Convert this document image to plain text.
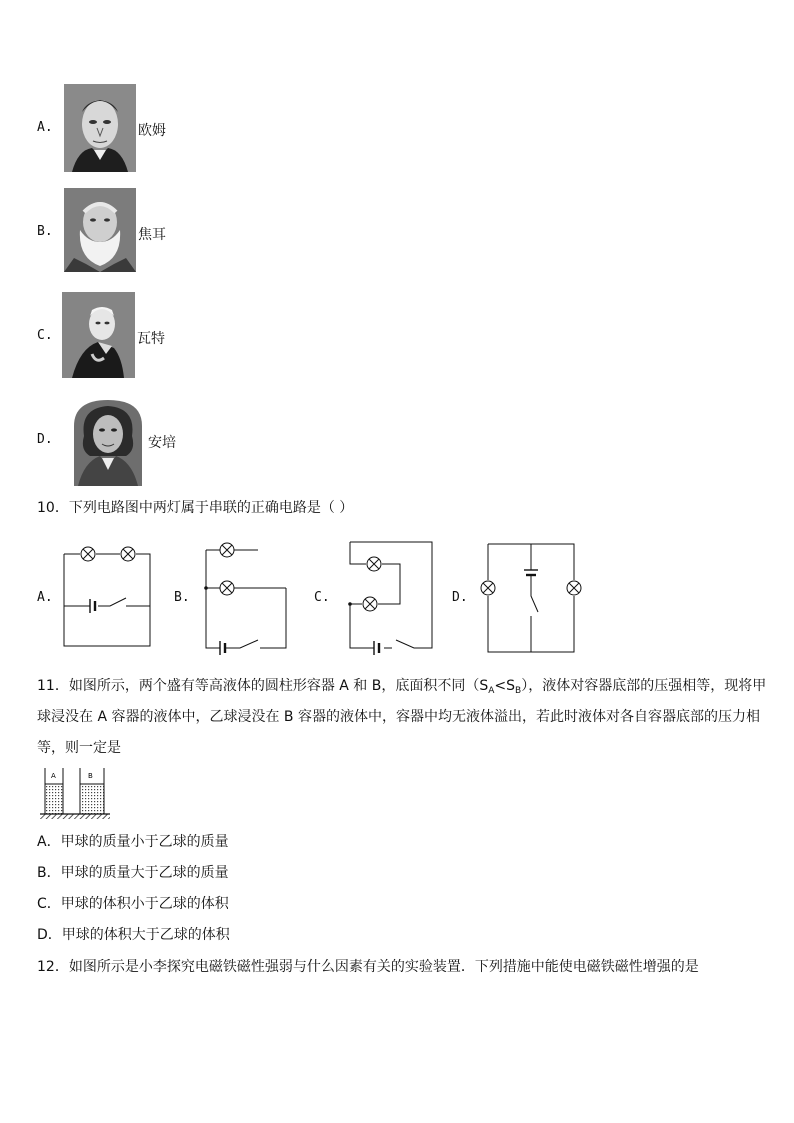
A.	欧姆
B.	焦耳
C.	瓦特
D.	安培
10．下列电路图中两灯属于串联的正确电路是（ ）
A.	B.	C.	D.
11．如图所示，两个盛有等高液体的圆柱形容器 A 和 B，底面积不同$(S_A<S_B)$，液体对容器底部的压强相等，现将甲
球浸没在 A 容器的液体中，乙球浸没在 B 容器的液体中，容器中均无液体溢出，若此时液体对各自容器底部的压力相
等，则一定是
A	B
A．甲球的质量小于乙球的质量
B．甲球的质量大于乙球的质量
C．甲球的体积小于乙球的体积
D．甲球的体积大于乙球的体积
12．如图所示是小李探究电磁铁磁性强弱与什么因素有关的实验装置．下列措施中能使电磁铁磁性增强的是
